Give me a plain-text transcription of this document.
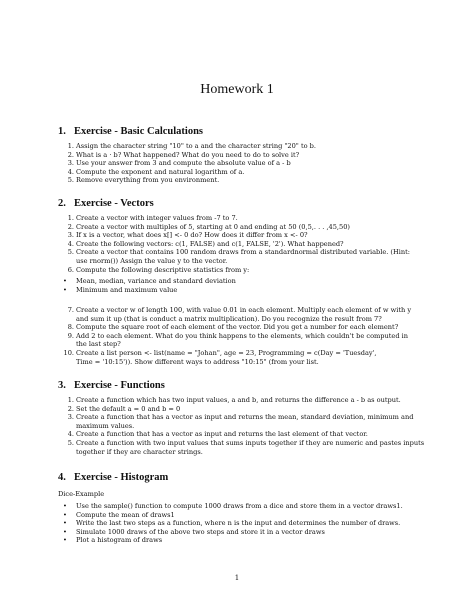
Homework 1
1. Exercise - Basic Calculations
1. Assign the character string "10" to a and the character string "20" to b.
2. What is a · b? What happened? What do you need to do to solve it?
3. Use your answer from 3 and compute the absolute value of a - b
4. Compute the exponent and natural logarithm of a.
5. Remove everything from you environment.
2. Exercise - Vectors
1. Create a vector with integer values from -7 to 7.
2. Create a vector with multiples of 5, starting at 0 and ending at 50 (0,5,. . . ,45,50)
3. If x is a vector, what does x[] <- 0 do? How does it differ from x <- 0?
4. Create the following vectors: c(1, FALSE) and c(1, FALSE, '2'). What happened?
5. Create a vector that contains 100 random draws from a standardnormal distributed variable. (Hint:
use rnorm()) Assign the value y to the vector.
6. Compute the following descriptive statistics from y:
•	Mean, median, variance and standard deviation
•	Minimum and maximum value
7. Create a vector w of length 100, with value 0.01 in each element. Multiply each element of w with y
and sum it up (that is conduct a matrix multiplication). Do you recognize the result from 7?
8. Compute the square root of each element of the vector. Did you get a number for each element?
9. Add 2 to each element. What do you think happens to the elements, which couldn't be computed in
the last step?
10. Create a list person <- list(name = "Johan", age = 23, Programming = c(Day = 'Tuesday',
Time = '10:15')). Show different ways to address "10:15" (from your list.
3. Exercise - Functions
1. Create a function which has two input values, a and b, and returns the difference a - b as output.
2. Set the default a = 0 and b = 0
3. Create a function that has a vector as input and returns the mean, standard deviation, minimum and
maximum values.
4. Create a function that has a vector as input and returns the last element of that vector.
5. Create a function with two input values that sums inputs together if they are numeric and pastes inputs
together if they are character strings.
4. Exercise - Histogram
Dice-Example
•	Use the sample() function to compute 1000 draws from a dice and store them in a vector draws1.
•	Compute the mean of draws1
•	Write the last two steps as a function, where n is the input and determines the number of draws.
•	Simulate 1000 draws of the above two steps and store it in a vector draws
•	Plot a histogram of draws
1
